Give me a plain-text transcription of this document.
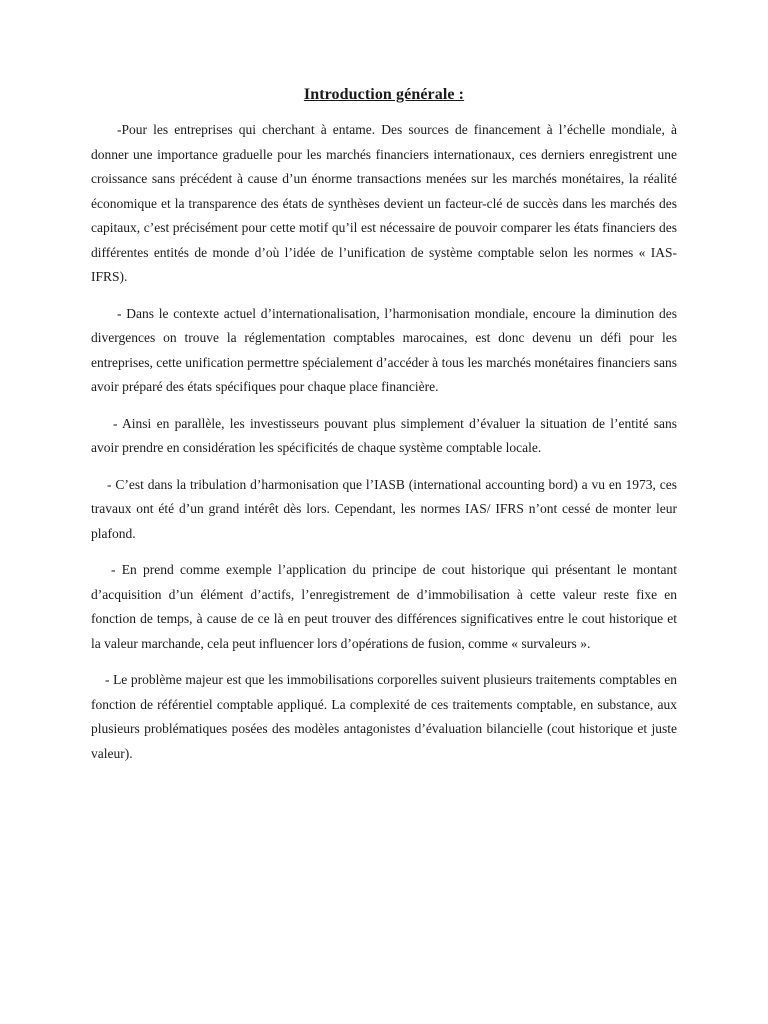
Introduction générale :

-Pour les entreprises qui cherchant à entame. Des sources de financement à l’échelle mondiale, à donner une importance graduelle pour les marchés financiers internationaux, ces derniers enregistrent une croissance sans précédent à cause d’un énorme transactions menées sur les marchés monétaires, la réalité économique et la transparence des états de synthèses devient un facteur-clé de succès dans les marchés des capitaux, c’est précisément pour cette motif qu’il est nécessaire de pouvoir comparer les états financiers des différentes entités de monde d’où l’idée de l’unification de système comptable selon les normes « IAS-IFRS).

- Dans le contexte actuel d’internationalisation, l’harmonisation mondiale, encoure la diminution des divergences on trouve la réglementation comptables marocaines, est donc devenu un défi pour les entreprises, cette unification permettre spécialement d’accéder à tous les marchés monétaires financiers sans avoir préparé des états spécifiques pour chaque place financière.

- Ainsi en parallèle, les investisseurs pouvant plus simplement d’évaluer la situation de l’entité sans avoir prendre en considération les spécificités de chaque système comptable locale.

- C’est dans la tribulation d’harmonisation que l’IASB (international accounting bord) a vu en 1973, ces travaux ont été d’un grand intérêt dès lors. Cependant, les normes IAS/ IFRS n’ont cessé de monter leur plafond.

- En prend comme exemple l’application du principe de cout historique qui présentant le montant d’acquisition d’un élément d’actifs, l’enregistrement de d’immobilisation à cette valeur reste fixe en fonction de temps, à cause de ce là en peut trouver des différences significatives entre le cout historique et la valeur marchande, cela peut influencer lors d’opérations de fusion, comme « survaleurs ».

- Le problème majeur est que les immobilisations corporelles suivent plusieurs traitements comptables en fonction de référentiel comptable appliqué. La complexité de ces traitements comptable, en substance, aux plusieurs problématiques posées des modèles antagonistes d’évaluation bilancielle (cout historique et juste valeur).
